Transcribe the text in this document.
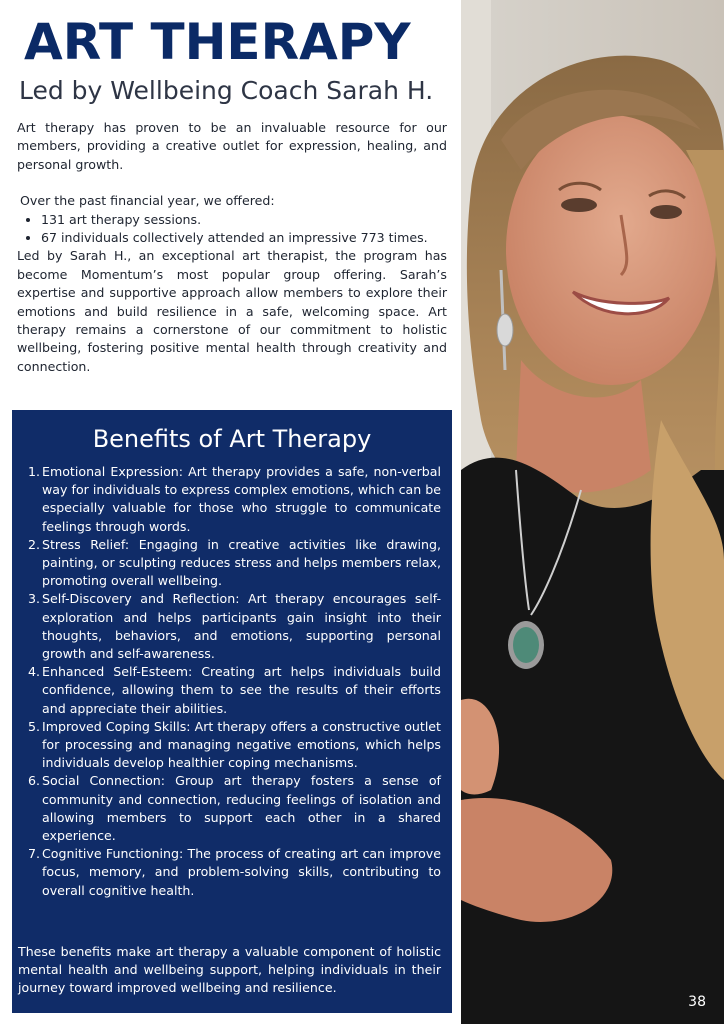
ART THERAPY
Led by Wellbeing Coach Sarah H.

Art therapy has proven to be an invaluable resource for our members, providing a creative outlet for expression, healing, and personal growth.

Over the past financial year, we offered:

• 131 art therapy sessions.
• 67 individuals collectively attended an impressive 773 times.

Led by Sarah H., an exceptional art therapist, the program has become Momentum’s most popular group offering. Sarah’s expertise and supportive approach allow members to explore their emotions and build resilience in a safe, welcoming space. Art therapy remains a cornerstone of our commitment to holistic wellbeing, fostering positive mental health through creativity and connection.

Benefits of Art Therapy
1. Emotional Expression: Art therapy provides a safe, non-verbal way for individuals to express complex emotions, which can be especially valuable for those who struggle to communicate feelings through words.
2. Stress Relief: Engaging in creative activities like drawing, painting, or sculpting reduces stress and helps members relax, promoting overall wellbeing.
3. Self-Discovery and Reflection: Art therapy encourages self-exploration and helps participants gain insight into their thoughts, behaviors, and emotions, supporting personal growth and self-awareness.
4. Enhanced Self-Esteem: Creating art helps individuals build confidence, allowing them to see the results of their efforts and appreciate their abilities.
5. Improved Coping Skills: Art therapy offers a constructive outlet for processing and managing negative emotions, which helps individuals develop healthier coping mechanisms.
6. Social Connection: Group art therapy fosters a sense of community and connection, reducing feelings of isolation and allowing members to support each other in a shared experience.
7. Cognitive Functioning: The process of creating art can improve focus, memory, and problem-solving skills, contributing to overall cognitive health.

These benefits make art therapy a valuable component of holistic mental health and wellbeing support, helping individuals in their journey toward improved wellbeing and resilience.

38
